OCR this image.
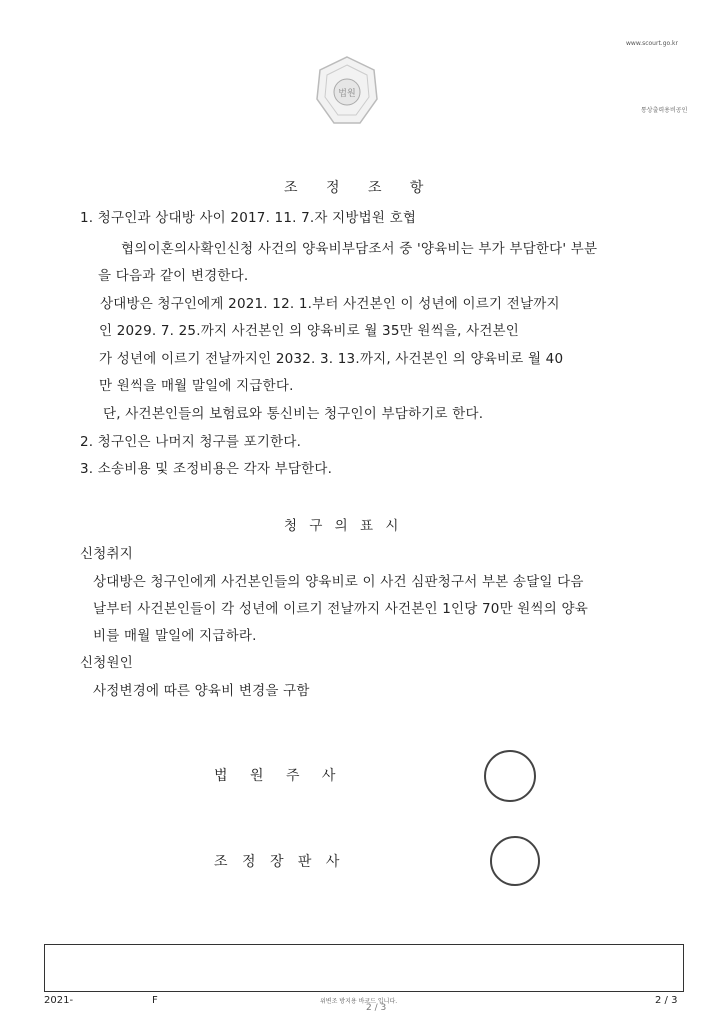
www.scourt.go.kr
통상출력용비공인
법원
조 정 조 항
1. 청구인과 상대방 사이 2017. 11. 7.자 지방법원 호협
협의이혼의사확인신청 사건의 양육비부담조서 중 '양육비는 부가 부담한다' 부분
을 다음과 같이 변경한다.
상대방은 청구인에게 2021. 12. 1.부터 사건본인 이 성년에 이르기 전날까지
인 2029. 7. 25.까지 사건본인 의 양육비로 월 35만 원씩을, 사건본인
가 성년에 이르기 전날까지인 2032. 3. 13.까지, 사건본인 의 양육비로 월 40
만 원씩을 매월 말일에 지급한다.
단, 사건본인들의 보험료와 통신비는 청구인이 부담하기로 한다.
2. 청구인은 나머지 청구를 포기한다.
3. 소송비용 및 조정비용은 각자 부담한다.
청 구 의 표 시
신청취지
상대방은 청구인에게 사건본인들의 양육비로 이 사건 심판청구서 부본 송달일 다음
날부터 사건본인들이 각 성년에 이르기 전날까지 사건본인 1인당 70만 원씩의 양육
비를 매월 말일에 지급하라.
신청원인
사정변경에 따른 양육비 변경을 구함
법 원 주 사
조 정 장 판 사
2021-	F	위변조 방지용 바코드 입니다.
2 / 3
2 / 3
